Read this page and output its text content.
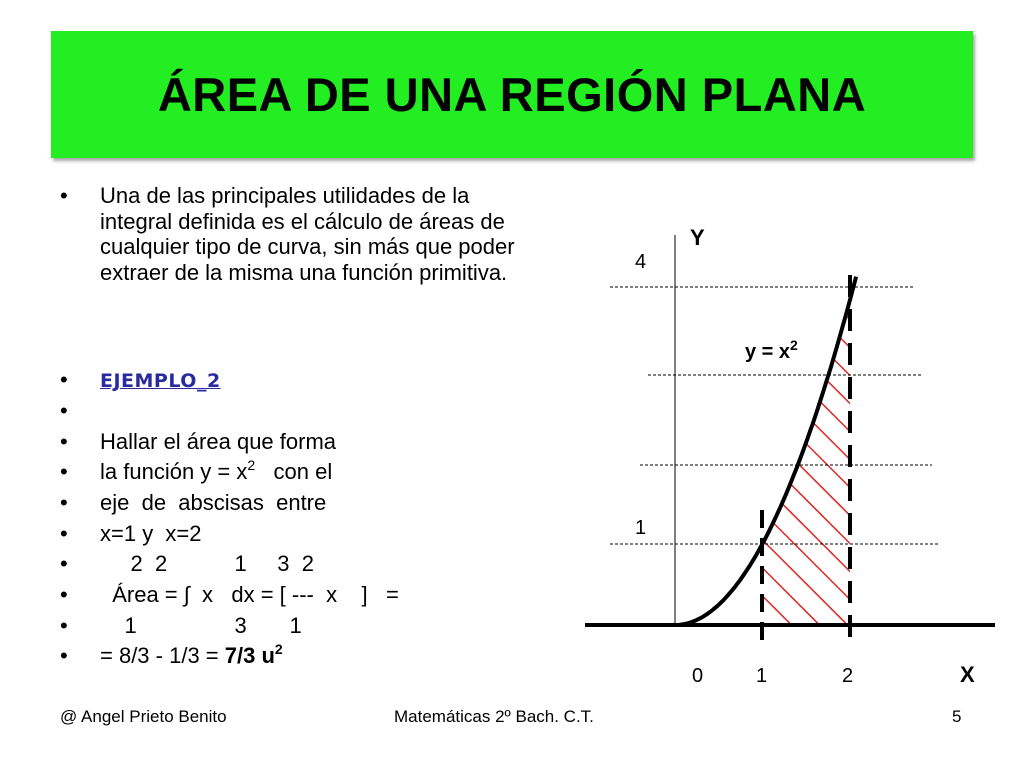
ÁREA DE UNA REGIÓN PLANA
• Una de las principales utilidades de la integral definida es el cálculo de áreas de cualquier tipo de curva, sin más que poder extraer de la misma una función primitiva.
• EJEMPLO_2
•
• Hallar el área que forma
• la función $y = x^2$   con el
• eje  de  abscisas  entre
• x=1 y  x=2
• 2  2           1     3  2
• Área = ∫  x   dx = [ ---  x    ]   =
• 1                3       1
• = 8/3 - 1/3 = 7/3 $u^2$
Y
4
1
$y = x^2$
0	1	2	X
@ Angel Prieto Benito	Matemáticas 2º Bach. C.T.	5
